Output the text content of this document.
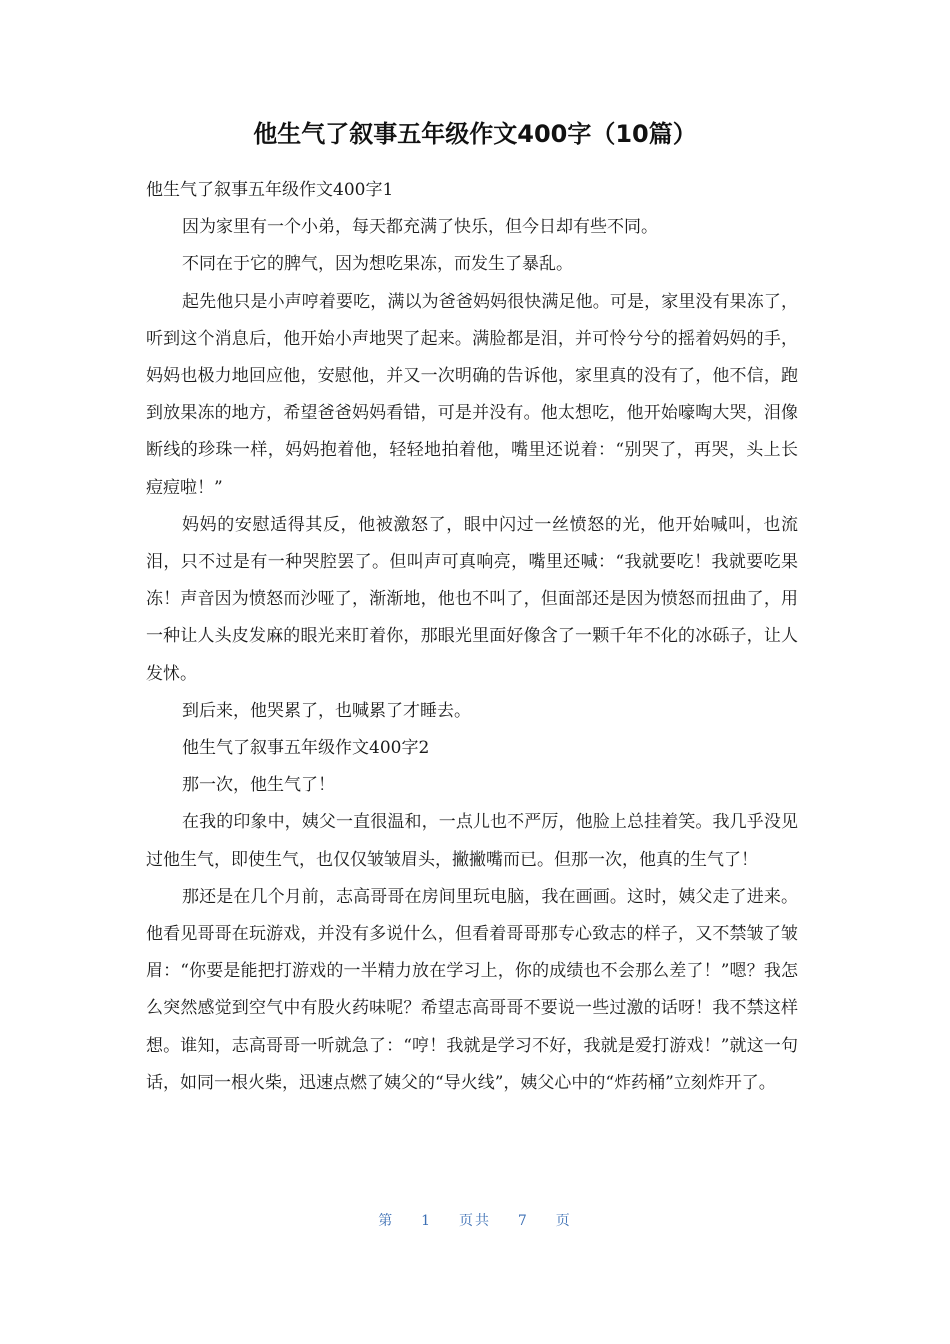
他生气了叙事五年级作文400字（10篇）

他生气了叙事五年级作文400字1

因为家里有一个小弟，每天都充满了快乐，但今日却有些不同。

不同在于它的脾气，因为想吃果冻，而发生了暴乱。

起先他只是小声哼着要吃，满以为爸爸妈妈很快满足他。可是，家里没有果冻了，听到这个消息后，他开始小声地哭了起来。满脸都是泪，并可怜兮兮的摇着妈妈的手，妈妈也极力地回应他，安慰他，并又一次明确的告诉他，家里真的没有了，他不信，跑到放果冻的地方，希望爸爸妈妈看错，可是并没有。他太想吃，他开始嚎啕大哭，泪像断线的珍珠一样，妈妈抱着他，轻轻地拍着他，嘴里还说着：“别哭了，再哭，头上长痘痘啦！”

妈妈的安慰适得其反，他被激怒了，眼中闪过一丝愤怒的光，他开始喊叫，也流泪，只不过是有一种哭腔罢了。但叫声可真响亮，嘴里还喊：“我就要吃！我就要吃果冻！声音因为愤怒而沙哑了，渐渐地，他也不叫了，但面部还是因为愤怒而扭曲了，用一种让人头皮发麻的眼光来盯着你，那眼光里面好像含了一颗千年不化的冰砾子，让人发怵。

到后来，他哭累了，也喊累了才睡去。

他生气了叙事五年级作文400字2

那一次，他生气了！

在我的印象中，姨父一直很温和，一点儿也不严厉，他脸上总挂着笑。我几乎没见过他生气，即使生气，也仅仅皱皱眉头，撇撇嘴而已。但那一次，他真的生气了！

那还是在几个月前，志高哥哥在房间里玩电脑，我在画画。这时，姨父走了进来。他看见哥哥在玩游戏，并没有多说什么，但看着哥哥那专心致志的样子，又不禁皱了皱眉：“你要是能把打游戏的一半精力放在学习上，你的成绩也不会那么差了！”嗯？我怎么突然感觉到空气中有股火药味呢？希望志高哥哥不要说一些过激的话呀！我不禁这样想。谁知，志高哥哥一听就急了：“哼！我就是学习不好，我就是爱打游戏！”就这一句话，如同一根火柴，迅速点燃了姨父的“导火线”，姨父心中的“炸药桶”立刻炸开了。

第 1 页共 7 页
